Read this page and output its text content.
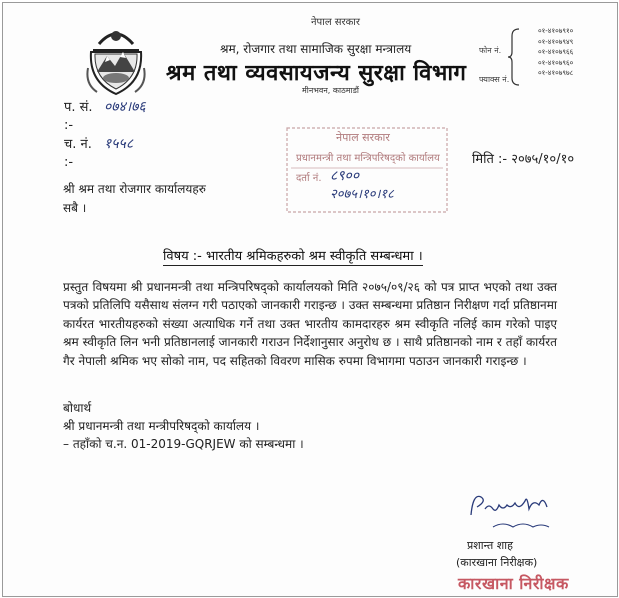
नेपाल सरकार
श्रम, रोजगार तथा सामाजिक सुरक्षा मन्त्रालय
श्रम तथा व्यवसायजन्य सुरक्षा विभाग
मीनभवन, काठमाडौं
फोन नं.
फ्याक्स नं.
०१-४१०७९१०
०१-४१०७९४९
०१-४१०७९६६
०१-४१०७९६०
०१-४१०७९७८
प. सं. :-
०७४।७६
च. नं. :-
१५५८	नेपाल सरकार
प्रधानमन्त्री तथा मन्त्रिपरिषद्को कार्यालय
दर्ता नं. ८९००
२०७५।१०।१८
मिति :- २०७५/१०/१०
श्री श्रम तथा रोजगार कार्यालयहरु
सबै ।
विषय :- भारतीय श्रमिकहरुको श्रम स्वीकृति सम्बन्धमा ।
प्रस्तुत विषयमा श्री प्रधानमन्त्री तथा मन्त्रिपरिषद्को कार्यालयको मिति २०७५/०९/२६ को पत्र प्राप्त भएको तथा उक्त पत्रको प्रतिलिपि यसैसाथ संलग्न गरी पठाएको जानकारी गराइन्छ । उक्त सम्बन्धमा प्रतिष्ठान निरीक्षण गर्दा प्रतिष्ठानमा कार्यरत भारतीयहरुको संख्या अत्याधिक गर्ने तथा उक्त भारतीय कामदारहरु श्रम स्वीकृति नलिई काम गरेको पाइए श्रम स्वीकृति लिन भनी प्रतिष्ठानलाई जानकारी गराउन निर्देशानुसार अनुरोध छ । साथै प्रतिष्ठानको नाम र तहाँ कार्यरत गैर नेपाली श्रमिक भए सोको नाम, पद सहितको विवरण मासिक रुपमा विभागमा पठाउन जानकारी गराइन्छ ।
बोधार्थ
श्री प्रधानमन्त्री तथा मन्त्रीपरिषद्को कार्यालय ।
– तहाँको च.न. 01-2019-GQRJEW को सम्बन्धमा ।
प्रशान्त शाह
(कारखाना निरीक्षक)
कारखाना निरीक्षक
